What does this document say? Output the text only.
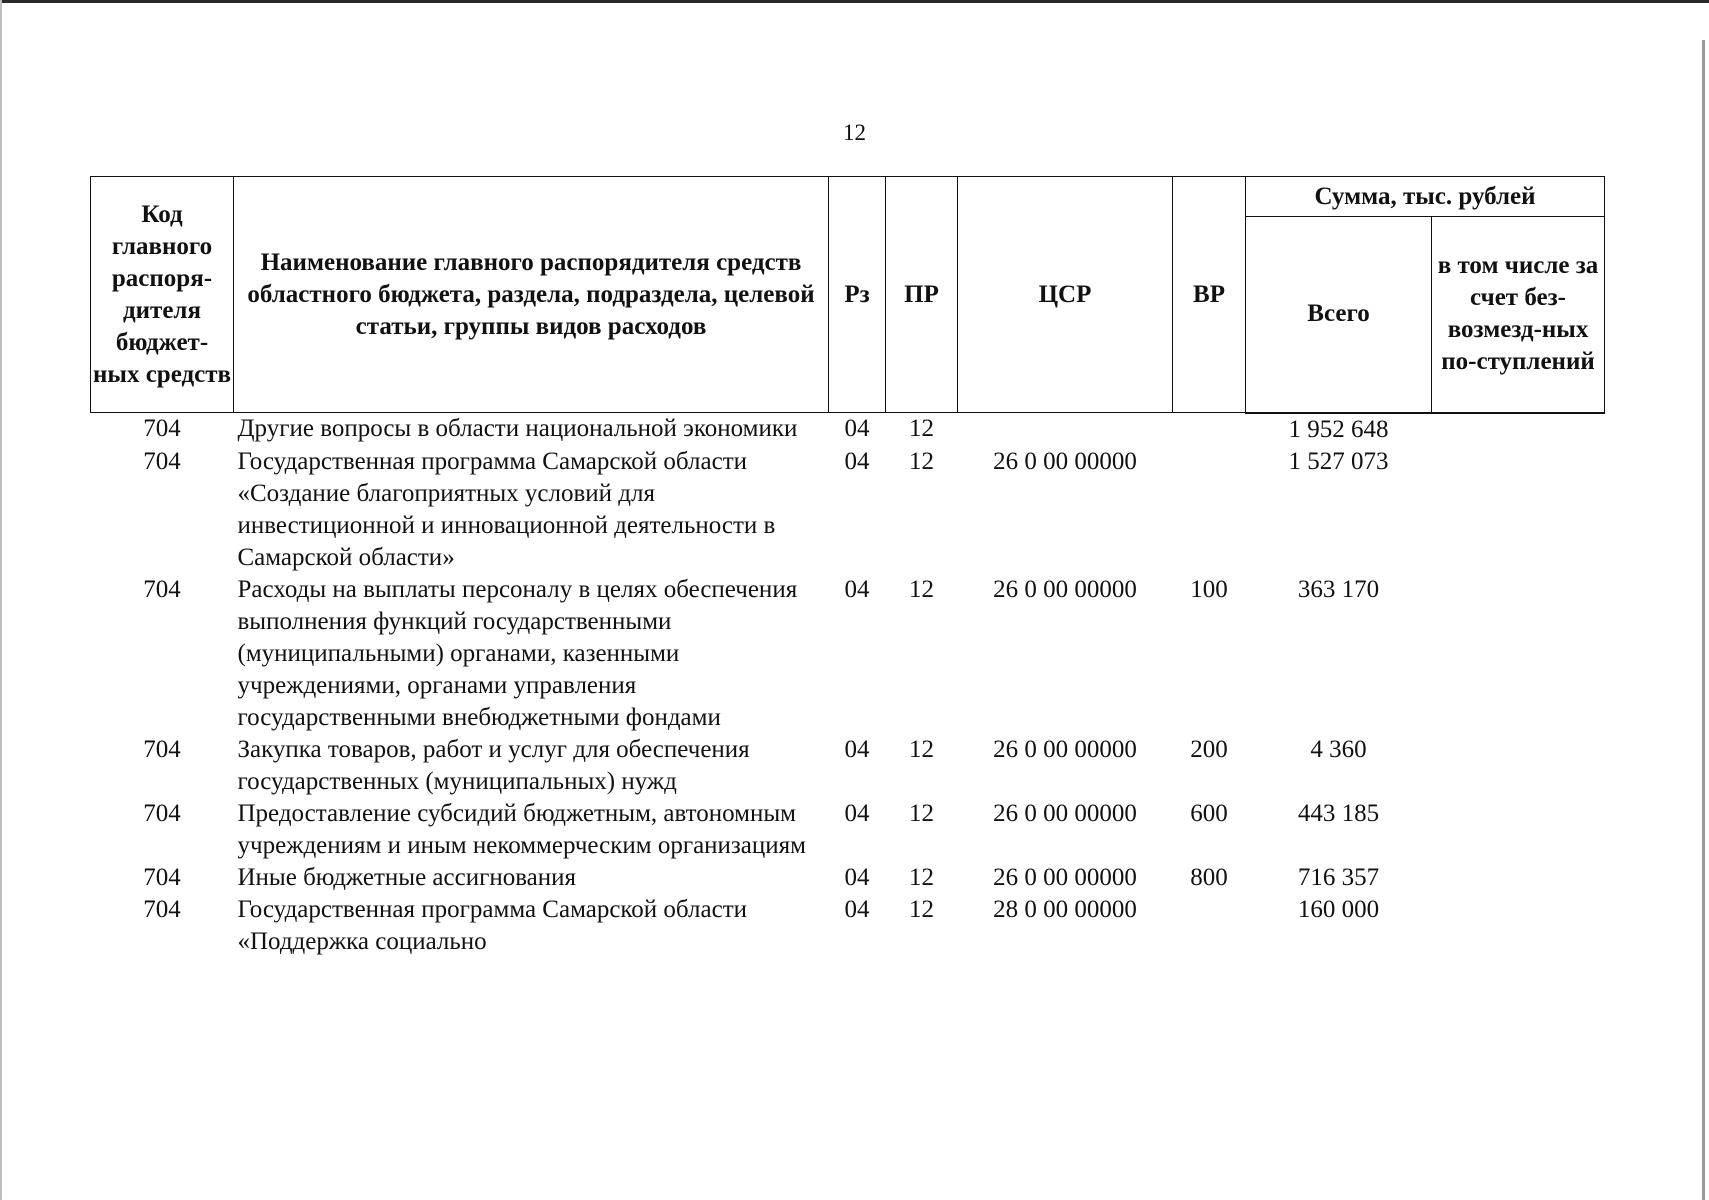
12
Код главного распоря-дителя бюджет-ных средств	Наименование главного распорядителя средств областного бюджета, раздела, подраздела, целевой статьи, группы видов расходов	Рз	ПР	ЦСР	ВР	Сумма, тыс. рублей	
						Всего	в том числе за счет без-возмезд-ных по-ступлений
704	Другие вопросы в области национальной экономики	04	12			1 952 648	
704	Государственная программа Самарской области «Создание благоприятных условий для инвестиционной и инновационной деятельности в Самарской области»	04	12	26 0 00 00000		1 527 073	
704	Расходы на выплаты персоналу в целях обеспечения выполнения функций государственными (муниципальными) органами, казенными учреждениями, органами управления государственными внебюджетными фондами	04	12	26 0 00 00000	100	363 170	
704	Закупка товаров, работ и услуг для обеспечения государственных (муниципальных) нужд	04	12	26 0 00 00000	200	4 360	
704	Предоставление субсидий бюджетным, автономным учреждениям и иным некоммерческим организациям	04	12	26 0 00 00000	600	443 185	
704	Иные бюджетные ассигнования	04	12	26 0 00 00000	800	716 357	
704	Государственная программа Самарской области «Поддержка социально	04	12	28 0 00 00000		160 000	
